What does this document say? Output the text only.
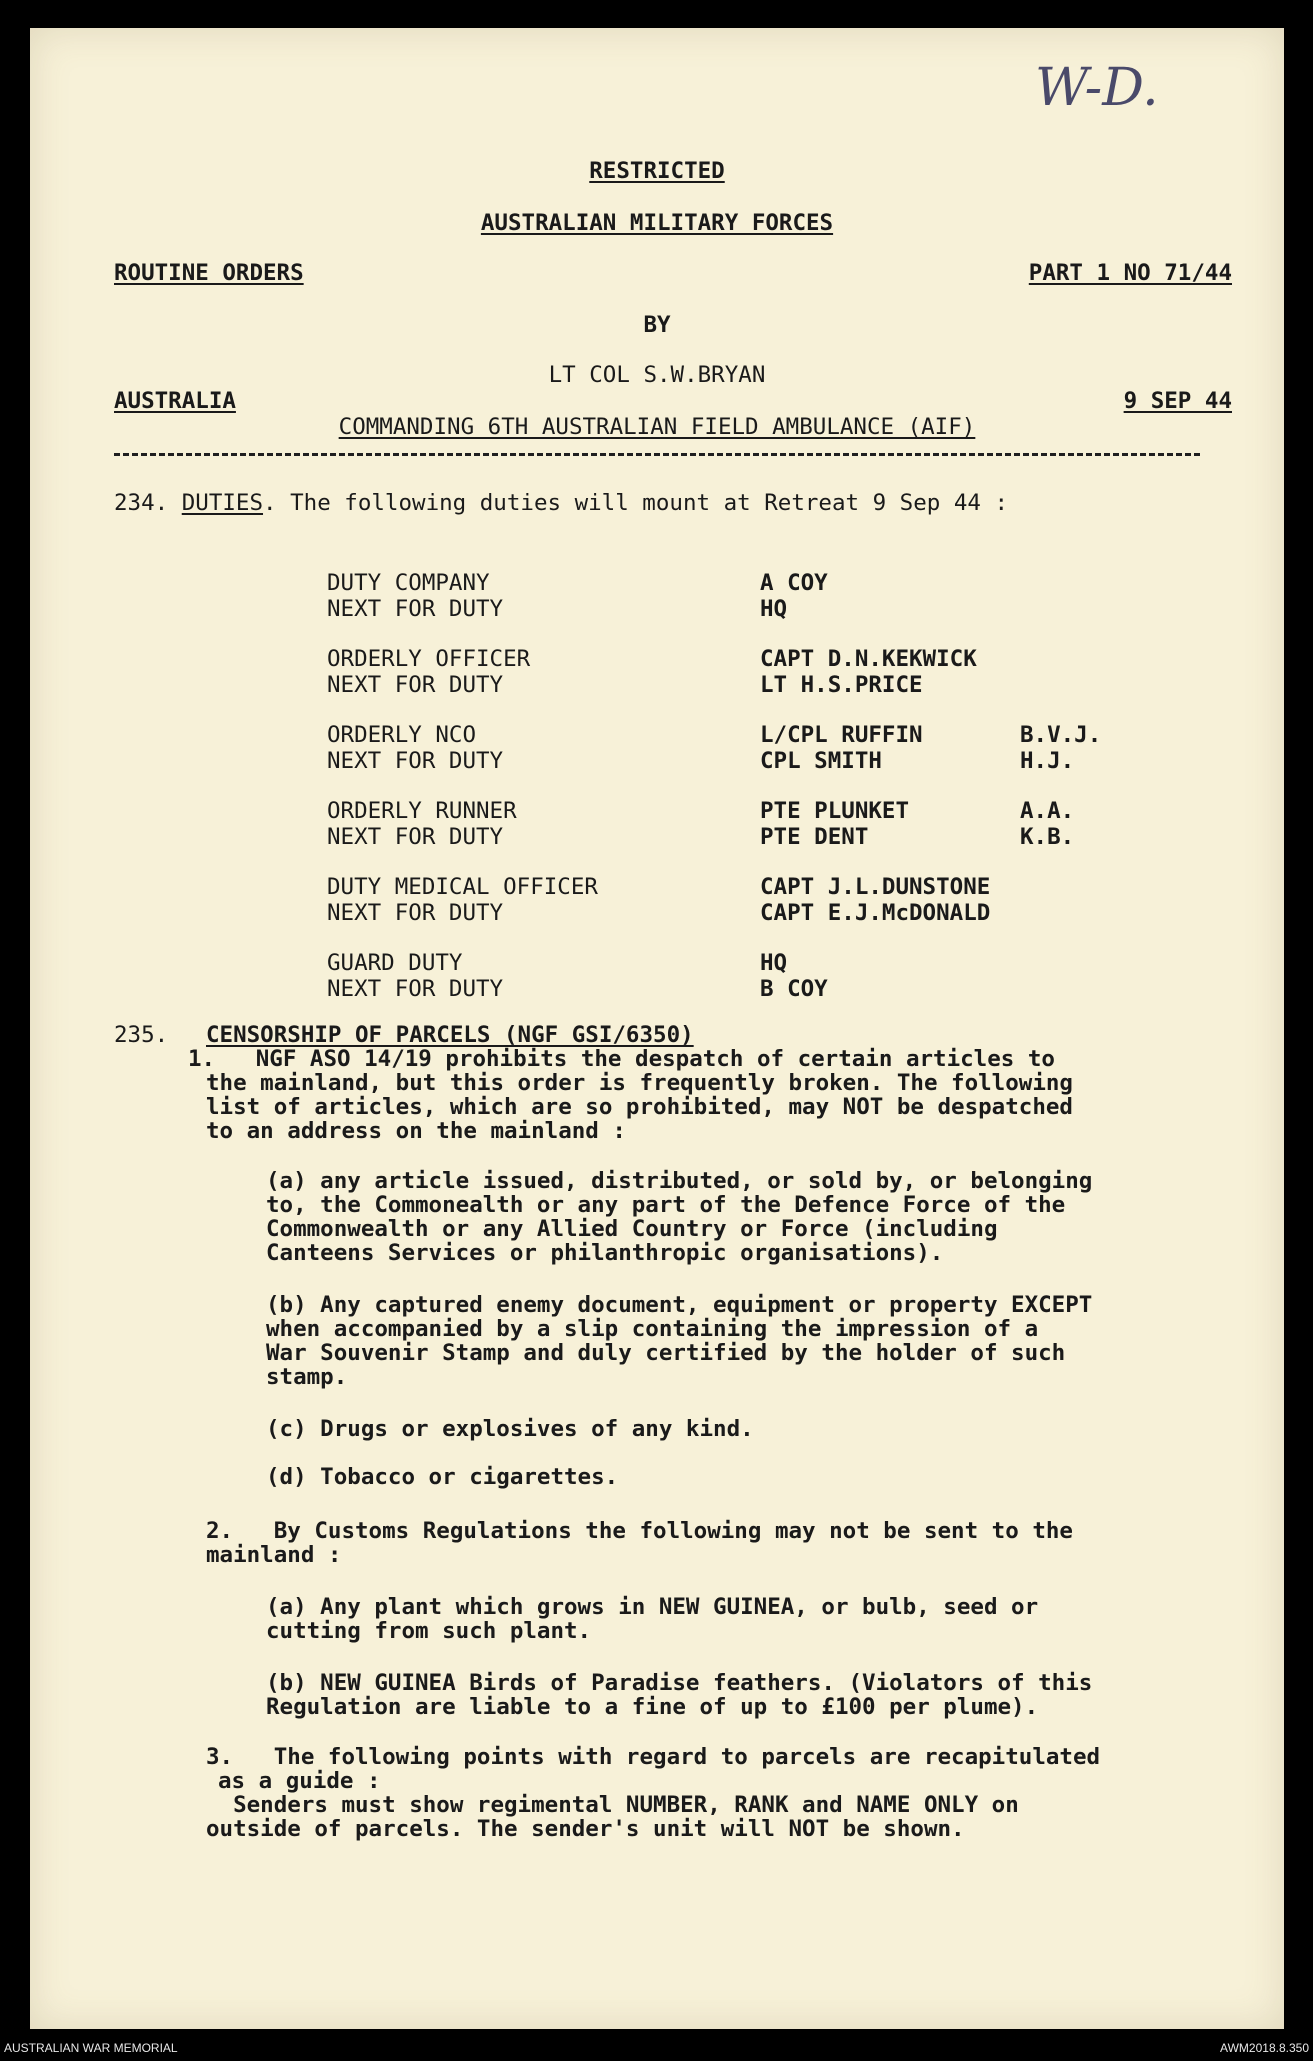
W-D.
RESTRICTED
AUSTRALIAN MILITARY FORCES
ROUTINE ORDERS	PART 1 NO 71/44
BY
LT COL S.W.BRYAN
AUSTRALIA	9 SEP 44
COMMANDING 6TH AUSTRALIAN FIELD AMBULANCE (AIF)
234. DUTIES. The following duties will mount at Retreat 9 Sep 44 :
DUTY COMPANY	A COY
NEXT FOR DUTY	HQ
ORDERLY OFFICER	CAPT D.N.KEKWICK
NEXT FOR DUTY	LT H.S.PRICE
ORDERLY NCO	L/CPL RUFFIN	B.V.J.
NEXT FOR DUTY	CPL SMITH	H.J.
ORDERLY RUNNER	PTE PLUNKET	A.A.
NEXT FOR DUTY	PTE DENT	K.B.
DUTY MEDICAL OFFICER	CAPT J.L.DUNSTONE
NEXT FOR DUTY	CAPT E.J.McDONALD
GUARD DUTY	HQ
NEXT FOR DUTY	B COY
235. CENSORSHIP OF PARCELS (NGF GSI/6350)
1.   NGF ASO 14/19 prohibits the despatch of certain articles to
the mainland, but this order is frequently broken. The following
list of articles, which are so prohibited, may NOT be despatched
to an address on the mainland :
(a) any article issued, distributed, or sold by, or belonging
to, the Commonealth or any part of the Defence Force of the
Commonwealth or any Allied Country or Force (including
Canteens Services or philanthropic organisations).
(b) Any captured enemy document, equipment or property EXCEPT
when accompanied by a slip containing the impression of a
War Souvenir Stamp and duly certified by the holder of such
stamp.
(c) Drugs or explosives of any kind.
(d) Tobacco or cigarettes.
2.   By Customs Regulations the following may not be sent to the
mainland :
(a) Any plant which grows in NEW GUINEA, or bulb, seed or
cutting from such plant.
(b) NEW GUINEA Birds of Paradise feathers. (Violators of this
Regulation are liable to a fine of up to £100 per plume).
3.   The following points with regard to parcels are recapitulated
as a guide :
Senders must show regimental NUMBER, RANK and NAME ONLY on
outside of parcels. The sender's unit will NOT be shown.
AUSTRALIAN WAR MEMORIAL	AWM2018.8.350
